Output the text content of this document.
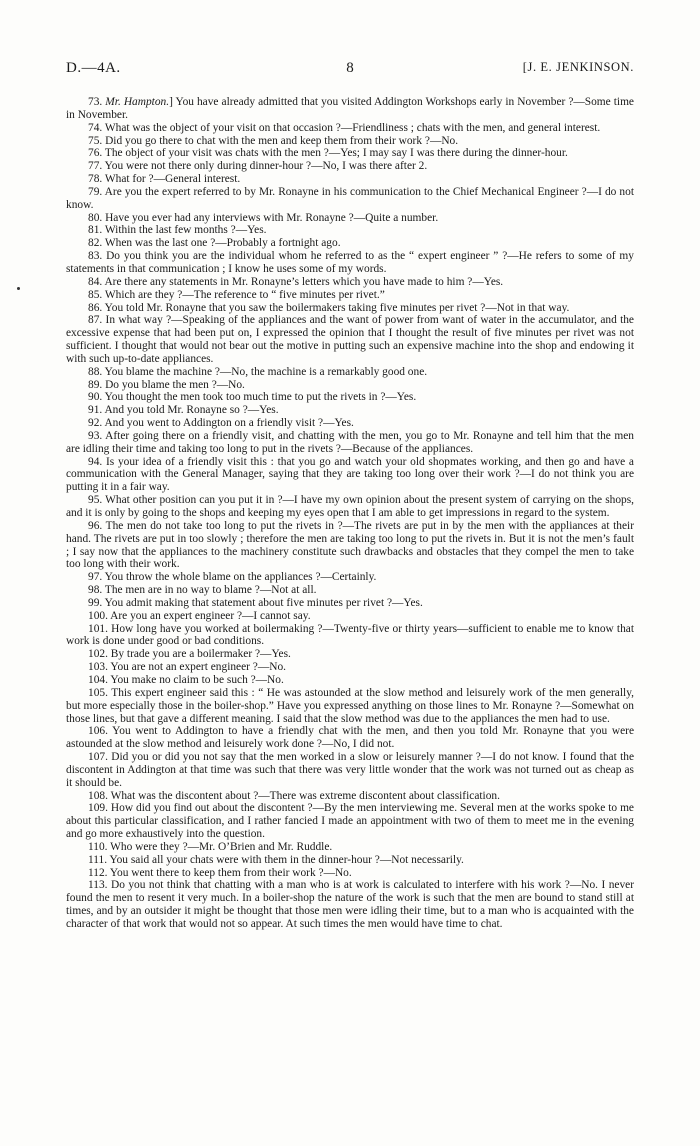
D.—4A.	8	[J. E. JENKINSON.

73. Mr. Hampton.] You have already admitted that you visited Addington Workshops early in November ?—Some time in November.

74. What was the object of your visit on that occasion ?—Friendliness ; chats with the men, and general interest.

75. Did you go there to chat with the men and keep them from their work ?—No.

76. The object of your visit was chats with the men ?—Yes; I may say I was there during the dinner-hour.

77. You were not there only during dinner-hour ?—No, I was there after 2.

78. What for ?—General interest.

79. Are you the expert referred to by Mr. Ronayne in his communication to the Chief Mechanical Engineer ?—I do not know.

80. Have you ever had any interviews with Mr. Ronayne ?—Quite a number.

81. Within the last few months ?—Yes.

82. When was the last one ?—Probably a fortnight ago.

83. Do you think you are the individual whom he referred to as the “ expert engineer ” ?—He refers to some of my statements in that communication ; I know he uses some of my words.

84. Are there any statements in Mr. Ronayne’s letters which you have made to him ?—Yes.

85. Which are they ?—The reference to “ five minutes per rivet.”

86. You told Mr. Ronayne that you saw the boilermakers taking five minutes per rivet ?—Not in that way.

87. In what way ?—Speaking of the appliances and the want of power from want of water in the accumulator, and the excessive expense that had been put on, I expressed the opinion that I thought the result of five minutes per rivet was not sufficient. I thought that would not bear out the motive in putting such an expensive machine into the shop and endowing it with such up-to-date appliances.

88. You blame the machine ?—No, the machine is a remarkably good one.

89. Do you blame the men ?—No.

90. You thought the men took too much time to put the rivets in ?—Yes.

91. And you told Mr. Ronayne so ?—Yes.

92. And you went to Addington on a friendly visit ?—Yes.

93. After going there on a friendly visit, and chatting with the men, you go to Mr. Ronayne and tell him that the men are idling their time and taking too long to put in the rivets ?—Because of the appliances.

94. Is your idea of a friendly visit this : that you go and watch your old shopmates working, and then go and have a communication with the General Manager, saying that they are taking too long over their work ?—I do not think you are putting it in a fair way.

95. What other position can you put it in ?—I have my own opinion about the present system of carrying on the shops, and it is only by going to the shops and keeping my eyes open that I am able to get impressions in regard to the system.

96. The men do not take too long to put the rivets in ?—The rivets are put in by the men with the appliances at their hand. The rivets are put in too slowly ; therefore the men are taking too long to put the rivets in. But it is not the men’s fault ; I say now that the appliances to the machinery constitute such drawbacks and obstacles that they compel the men to take too long with their work.

97. You throw the whole blame on the appliances ?—Certainly.

98. The men are in no way to blame ?—Not at all.

99. You admit making that statement about five minutes per rivet ?—Yes.

100. Are you an expert engineer ?—I cannot say.

101. How long have you worked at boilermaking ?—Twenty-five or thirty years—sufficient to enable me to know that work is done under good or bad conditions.

102. By trade you are a boilermaker ?—Yes.

103. You are not an expert engineer ?—No.

104. You make no claim to be such ?—No.

105. This expert engineer said this : “ He was astounded at the slow method and leisurely work of the men generally, but more especially those in the boiler-shop.” Have you expressed anything on those lines to Mr. Ronayne ?—Somewhat on those lines, but that gave a different meaning. I said that the slow method was due to the appliances the men had to use.

106. You went to Addington to have a friendly chat with the men, and then you told Mr. Ronayne that you were astounded at the slow method and leisurely work done ?—No, I did not.

107. Did you or did you not say that the men worked in a slow or leisurely manner ?—I do not know. I found that the discontent in Addington at that time was such that there was very little wonder that the work was not turned out as cheap as it should be.

108. What was the discontent about ?—There was extreme discontent about classification.

109. How did you find out about the discontent ?—By the men interviewing me. Several men at the works spoke to me about this particular classification, and I rather fancied I made an appointment with two of them to meet me in the evening and go more exhaustively into the question.

110. Who were they ?—Mr. O’Brien and Mr. Ruddle.

111. You said all your chats were with them in the dinner-hour ?—Not necessarily.

112. You went there to keep them from their work ?—No.

113. Do you not think that chatting with a man who is at work is calculated to interfere with his work ?—No. I never found the men to resent it very much. In a boiler-shop the nature of the work is such that the men are bound to stand still at times, and by an outsider it might be thought that those men were idling their time, but to a man who is acquainted with the character of that work that would not so appear. At such times the men would have time to chat.
